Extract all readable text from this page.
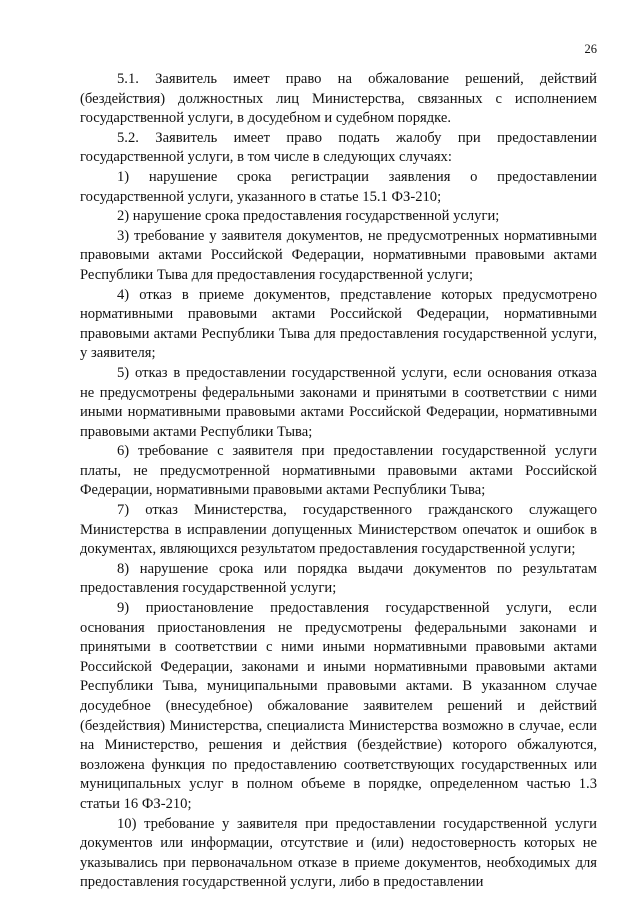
26

5.1. Заявитель имеет право на обжалование решений, действий (бездействия) должностных лиц Министерства, связанных с исполнением государственной услуги, в досудебном и судебном порядке.

5.2. Заявитель имеет право подать жалобу при предоставлении государственной услуги, в том числе в следующих случаях:

1) нарушение срока регистрации заявления о предоставлении государственной услуги, указанного в статье 15.1 ФЗ-210;

2) нарушение срока предоставления государственной услуги;

3) требование у заявителя документов, не предусмотренных нормативными правовыми актами Российской Федерации, нормативными правовыми актами Республики Тыва для предоставления государственной услуги;

4) отказ в приеме документов, представление которых предусмотрено нормативными правовыми актами Российской Федерации, нормативными правовыми актами Республики Тыва для предоставления государственной услуги, у заявителя;

5) отказ в предоставлении государственной услуги, если основания отказа не предусмотрены федеральными законами и принятыми в соответствии с ними иными нормативными правовыми актами Российской Федерации, нормативными правовыми актами Республики Тыва;

6) требование с заявителя при предоставлении государственной услуги платы, не предусмотренной нормативными правовыми актами Российской Федерации, нормативными правовыми актами Республики Тыва;

7) отказ Министерства, государственного гражданского служащего Министерства в исправлении допущенных Министерством опечаток и ошибок в документах, являющихся результатом предоставления государственной услуги;

8) нарушение срока или порядка выдачи документов по результатам предоставления государственной услуги;

9) приостановление предоставления государственной услуги, если основания приостановления не предусмотрены федеральными законами и принятыми в соответствии с ними иными нормативными правовыми актами Российской Федерации, законами и иными нормативными правовыми актами Республики Тыва, муниципальными правовыми актами. В указанном случае досудебное (внесудебное) обжалование заявителем решений и действий (бездействия) Министерства, специалиста Министерства возможно в случае, если на Министерство, решения и действия (бездействие) которого обжалуются, возложена функция по предоставлению соответствующих государственных или муниципальных услуг в полном объеме в порядке, определенном частью 1.3 статьи 16 ФЗ-210;

10) требование у заявителя при предоставлении государственной услуги документов или информации, отсутствие и (или) недостоверность которых не указывались при первоначальном отказе в приеме документов, необходимых для предоставления государственной услуги, либо в предоставлении
